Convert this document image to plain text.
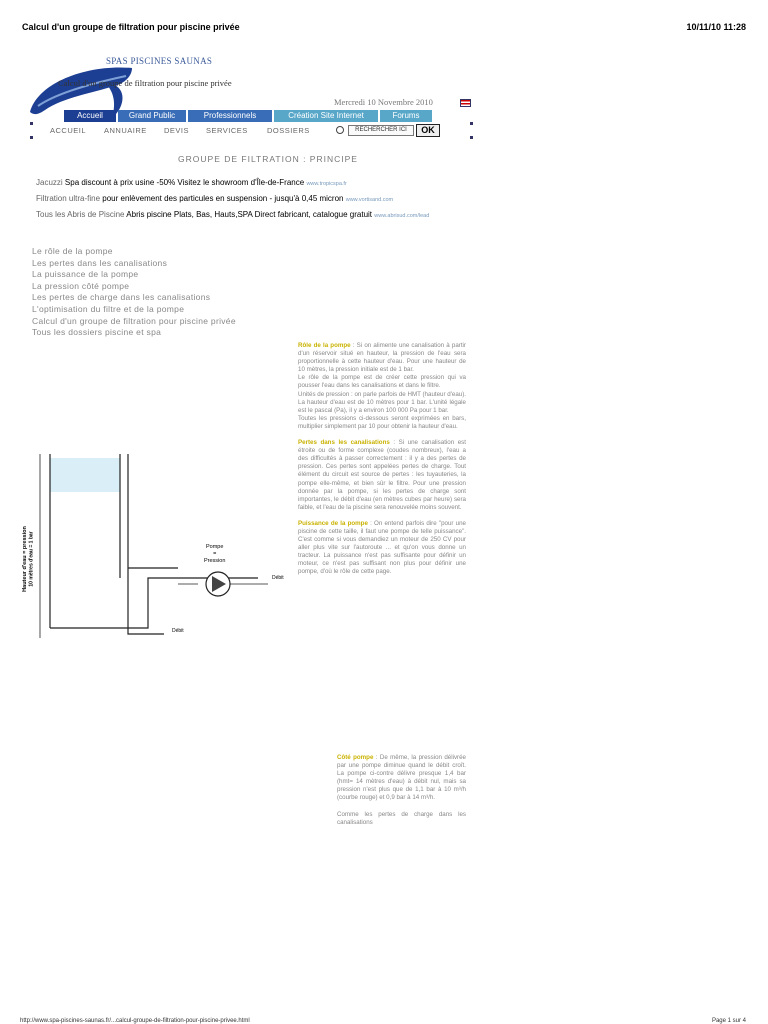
Calcul d'un groupe de filtration pour piscine privée	10/11/10 11:28
SPAS PISCINES SAUNAS
Calcul d'un groupe de filtration pour piscine privée
Mercredi 10 Novembre 2010
Accueil	Grand Public	Professionnels	Création Site Internet	Forums
ACCUEIL ANNUAIRE DEVIS SERVICES	DOSSIERS	RECHERCHER ICI	OK
GROUPE DE FILTRATION : PRINCIPE
Jacuzzi Spa discount à prix usine -50% Visitez le showroom d'Île-de-France www.tropicspa.fr
Filtration ultra-fine pour enlèvement des particules en suspension - jusqu'à 0,45 micron www.vortisand.com
Tous les Abris de Piscine Abris piscine Plats, Bas, Hauts,SPA Direct fabricant, catalogue gratuit www.abrisud.com/lead
Le rôle de la pompe
Les pertes dans les canalisations
La puissance de la pompe
La pression côté pompe
Les pertes de charge dans les canalisations
L'optimisation du filtre et de la pompe
Calcul d'un groupe de filtration pour piscine privée
Tous les dossiers piscine et spa
Pompe
=
Pression
Débit
Débit
Hauteur d'eau = pression 10 mètres d'eau = 1 bar
Rôle de la pompe : Si on alimente une canalisation à partir d'un réservoir situé en hauteur, la pression de l'eau sera proportionnelle à cette hauteur d'eau. Pour une hauteur de 10 mètres, la pression initiale est de 1 bar.
Le rôle de la pompe est de créer cette pression qui va pousser l'eau dans les canalisations et dans le filtre.
Unités de pression : on parle parfois de HMT (hauteur d'eau). La hauteur d'eau est de 10 mètres pour 1 bar. L'unité légale est le pascal (Pa), il y a environ 100 000 Pa pour 1 bar.
Toutes les pressions ci-dessous seront exprimées en bars, multiplier simplement par 10 pour obtenir la hauteur d'eau.
Pertes dans les canalisations : Si une canalisation est étroite ou de forme complexe (coudes nombreux), l'eau a des difficultés à passer correctement : il y a des pertes de pression. Ces pertes sont appelées pertes de charge. Tout élément du circuit est source de pertes : les tuyauteries, la pompe elle-même, et bien sûr le filtre. Pour une pression donnée par la pompe, si les pertes de charge sont importantes, le débit d'eau (en mètres cubes par heure) sera faible, et l'eau de la piscine sera renouvelée moins souvent.
Puissance de la pompe : On entend parfois dire "pour une piscine de cette taille, il faut une pompe de telle puissance". C'est comme si vous demandiez un moteur de 250 CV pour aller plus vite sur l'autoroute ... et qu'on vous donne un tracteur. La puissance n'est pas suffisante pour définir un moteur, ce n'est pas suffisant non plus pour définir une pompe, d'où le rôle de cette page.
Côté pompe : De même, la pression délivrée par une pompe diminue quand le débit croît. La pompe ci-contre délivre presque 1,4 bar (hmt= 14 mètres d'eau) à débit nul, mais sa pression n'est plus que de 1,1 bar à 10 m³/h (courbe rouge) et 0,9 bar à 14 m³/h.
Comme les pertes de charge dans les canalisations
http://www.spa-piscines-saunas.fr/...calcul-groupe-de-filtration-pour-piscine-privee.html	Page 1 sur 4
